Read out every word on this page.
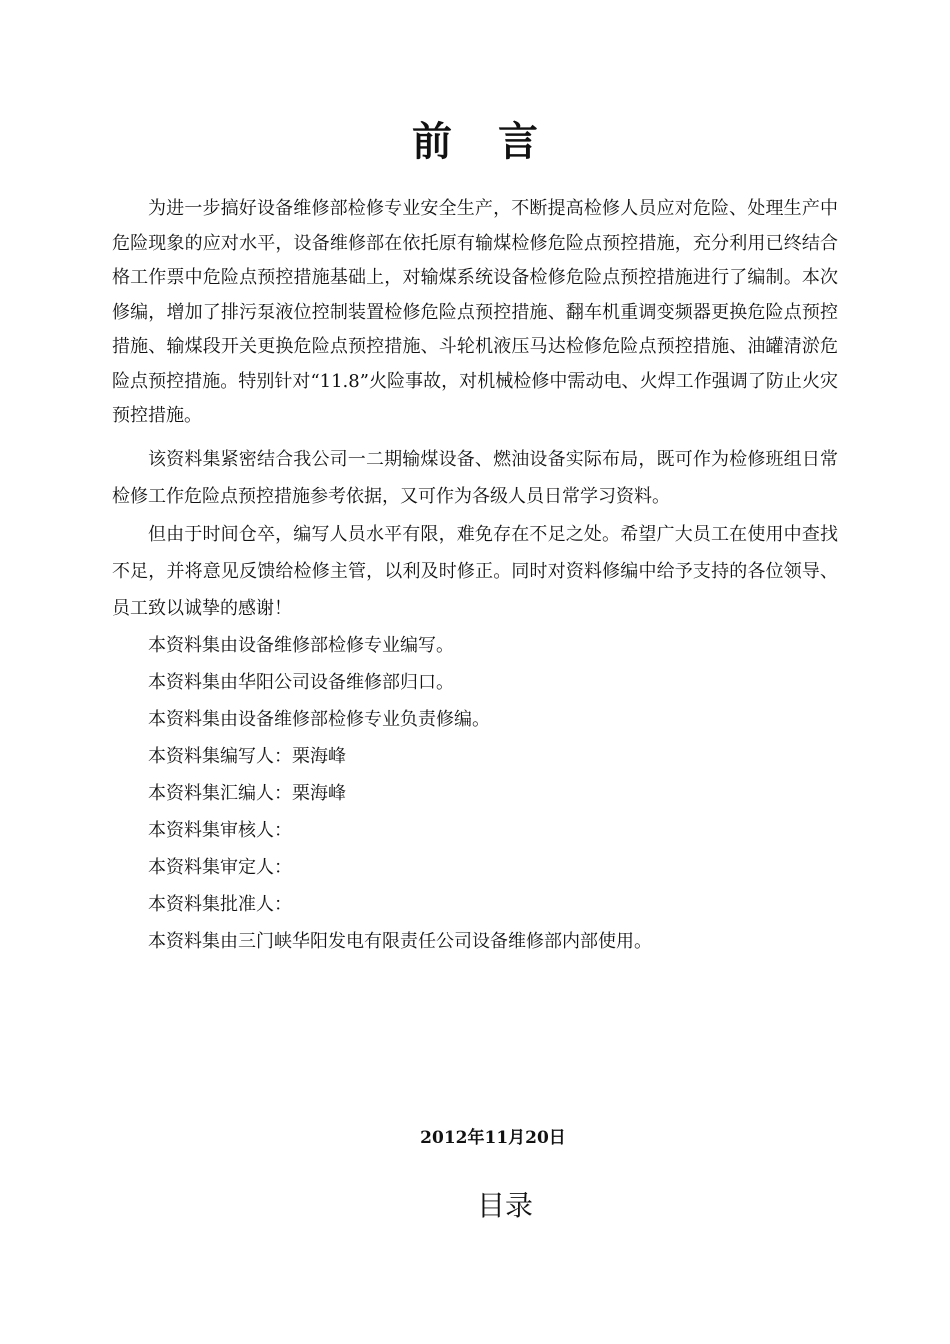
前言

为进一步搞好设备维修部检修专业安全生产，不断提高检修人员应对危险、处理生产中危险现象的应对水平，设备维修部在依托原有输煤检修危险点预控措施，充分利用已终结合格工作票中危险点预控措施基础上，对输煤系统设备检修危险点预控措施进行了编制。本次修编，增加了排污泵液位控制装置检修危险点预控措施、翻车机重调变频器更换危险点预控措施、输煤段开关更换危险点预控措施、斗轮机液压马达检修危险点预控措施、油罐清淤危险点预控措施。特别针对“11.8”火险事故，对机械检修中需动电、火焊工作强调了防止火灾预控措施。

该资料集紧密结合我公司一二期输煤设备、燃油设备实际布局，既可作为检修班组日常检修工作危险点预控措施参考依据，又可作为各级人员日常学习资料。

但由于时间仓卒，编写人员水平有限，难免存在不足之处。希望广大员工在使用中查找不足，并将意见反馈给检修主管，以利及时修正。同时对资料修编中给予支持的各位领导、员工致以诚挚的感谢！

本资料集由设备维修部检修专业编写。

本资料集由华阳公司设备维修部归口。

本资料集由设备维修部检修专业负责修编。

本资料集编写人：栗海峰

本资料集汇编人：栗海峰

本资料集审核人：

本资料集审定人：

本资料集批准人：

本资料集由三门峡华阳发电有限责任公司设备维修部内部使用。

2012年11月20日
目录
